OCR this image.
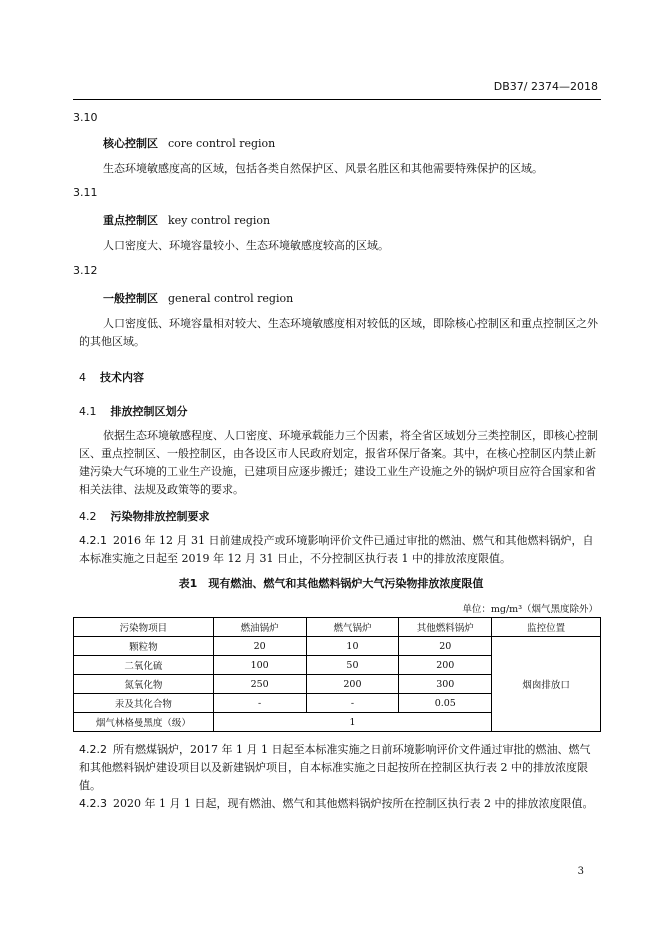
DB37/ 2374—2018
3.10
核心控制区 core control region
生态环境敏感度高的区域，包括各类自然保护区、风景名胜区和其他需要特殊保护的区域。
3.11
重点控制区 key control region
人口密度大、环境容量较小、生态环境敏感度较高的区域。
3.12
一般控制区 general control region
人口密度低、环境容量相对较大、生态环境敏感度相对较低的区域，即除核心控制区和重点控制区之外的其他区域。
4 技术内容
4.1 排放控制区划分
依据生态环境敏感程度、人口密度、环境承载能力三个因素，将全省区域划分三类控制区，即核心控制区、重点控制区、一般控制区，由各设区市人民政府划定，报省环保厅备案。其中，在核心控制区内禁止新建污染大气环境的工业生产设施，已建项目应逐步搬迁；建设工业生产设施之外的锅炉项目应符合国家和省相关法律、法规及政策等的要求。
4.2 污染物排放控制要求
4.2.1 2016 年 12 月 31 日前建成投产或环境影响评价文件已通过审批的燃油、燃气和其他燃料锅炉，自本标准实施之日起至 2019 年 12 月 31 日止，不分控制区执行表 1 中的排放浓度限值。
表1　现有燃油、燃气和其他燃料锅炉大气污染物排放浓度限值
单位：mg/m³（烟气黑度除外）
污染物项目	燃油锅炉	燃气锅炉	其他燃料锅炉	监控位置
颗粒物	20	10	20	烟囱排放口
二氧化硫	100	50	200	
氮氧化物	250	200	300	
汞及其化合物	-	-	0.05	
烟气林格曼黑度（级）	1			
4.2.2 所有燃煤锅炉，2017 年 1 月 1 日起至本标准实施之日前环境影响评价文件通过审批的燃油、燃气和其他燃料锅炉建设项目以及新建锅炉项目，自本标准实施之日起按所在控制区执行表 2 中的排放浓度限值。
4.2.3 2020 年 1 月 1 日起，现有燃油、燃气和其他燃料锅炉按所在控制区执行表 2 中的排放浓度限值。
3
